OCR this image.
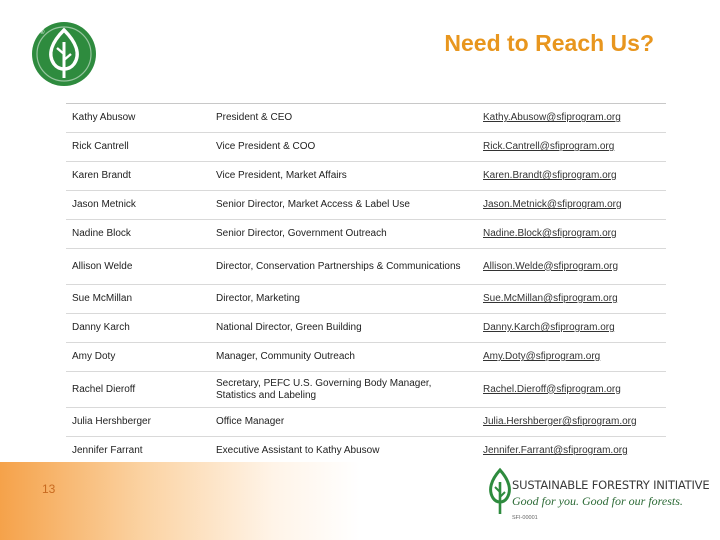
®	Need to Reach Us?
Kathy Abusow	President & CEO	Kathy.Abusow@sfiprogram.org
Rick Cantrell	Vice President & COO	Rick.Cantrell@sfiprogram.org
Karen Brandt	Vice President, Market Affairs	Karen.Brandt@sfiprogram.org
Jason Metnick	Senior Director, Market Access & Label Use	Jason.Metnick@sfiprogram.org
Nadine Block	Senior Director, Government Outreach	Nadine.Block@sfiprogram.org
Allison Welde	Director, Conservation Partnerships & Communications	Allison.Welde@sfiprogram.org
Sue McMillan	Director, Marketing	Sue.McMillan@sfiprogram.org
Danny Karch	National Director, Green Building	Danny.Karch@sfiprogram.org
Amy Doty	Manager, Community Outreach	Amy.Doty@sfiprogram.org
Rachel Dieroff	Secretary, PEFC U.S. Governing Body Manager, Statistics and Labeling	Rachel.Dieroff@sfiprogram.org
Julia Hershberger	Office Manager	Julia.Hershberger@sfiprogram.org
Jennifer Farrant	Executive Assistant to Kathy Abusow	Jennifer.Farrant@sfiprogram.org
13	SUSTAINABLE FORESTRY INITIATIVE
Good for you. Good for our forests.
SFI-00001
